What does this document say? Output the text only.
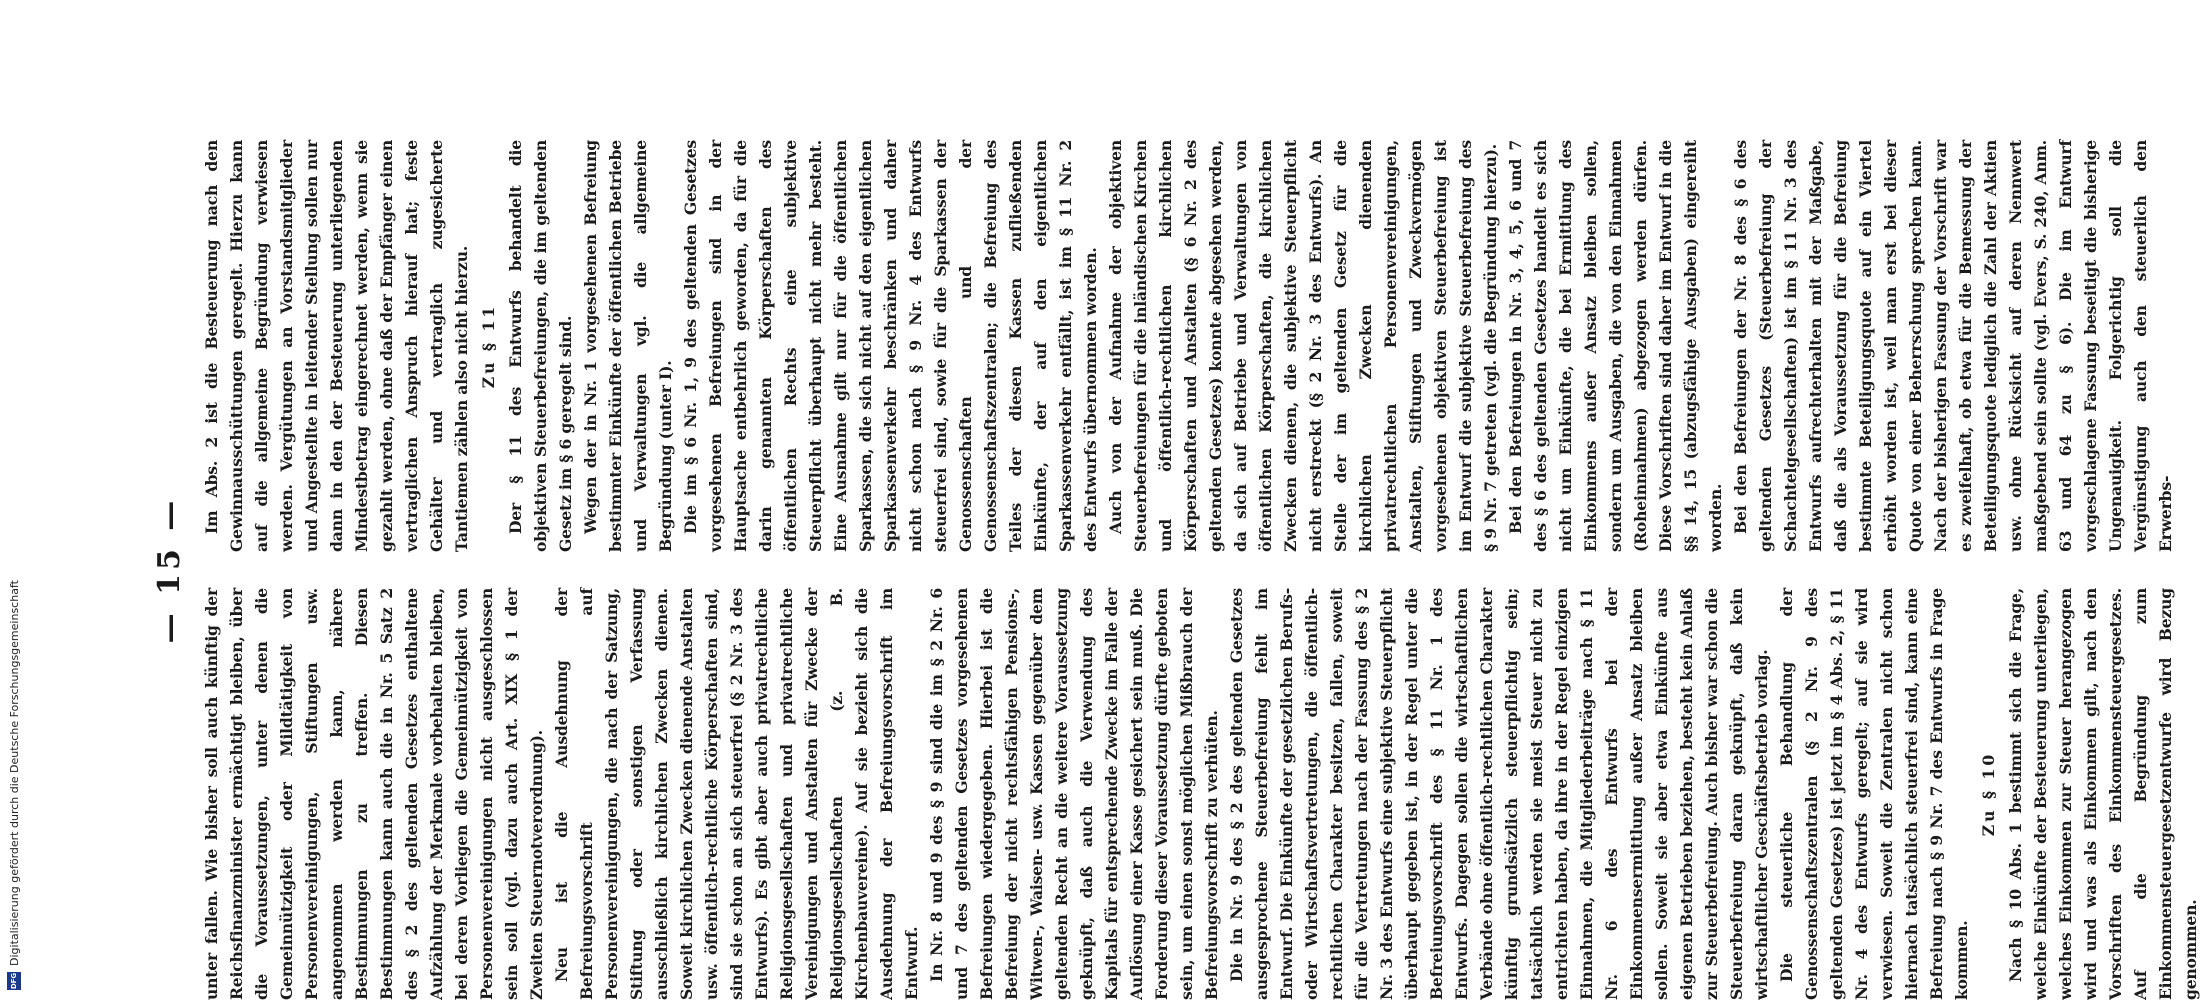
— 15 —

unter fallen. Wie bisher soll auch künftig der Reichsfinanzminister ermächtigt bleiben, über die Voraussetzungen, unter denen die Gemeinnützigkeit oder Mildtätigkeit von Personenvereinigungen, Stiftungen usw. angenommen werden kann, nähere Bestimmungen zu treffen. Diesen Bestimmungen kann auch die in Nr. 5 Satz 2 des § 2 des geltenden Gesetzes enthaltene Aufzählung der Merkmale vorbehalten bleiben, bei deren Vorliegen die Gemeinnützigkeit von Personenvereinigungen nicht ausgeschlossen sein soll (vgl. dazu auch Art. XIX § 1 der Zweiten Steuernotverordnung). Neu ist die Ausdehnung der Befreiungsvorschrift auf Personenvereinigungen, die nach der Satzung, Stiftung oder sonstigen Verfassung ausschließlich kirchlichen Zwecken dienen. Soweit kirchlichen Zwecken dienende Anstalten usw. öffentlich-rechtliche Körperschaften sind, sind sie schon an sich steuerfrei (§ 2 Nr. 3 des Entwurfs). Es gibt aber auch privatrechtliche Religionsgesellschaften und privatrechtliche Vereinigungen und Anstalten für Zwecke der Religionsgesellschaften (z. B. Kirchenbauvereine). Auf sie bezieht sich die Ausdehnung der Befreiungsvorschrift im Entwurf. In Nr. 8 und 9 des § 9 sind die im § 2 Nr. 6 und 7 des geltenden Gesetzes vorgesehenen Befreiungen wiedergegeben. Hierbei ist die Befreiung der nicht rechtsfähigen Pensions-, Witwen-, Waisen- usw. Kassen gegenüber dem geltenden Recht an die weitere Voraussetzung geknüpft, daß auch die Verwendung des Kapitals für entsprechende Zwecke im Falle der Auflösung einer Kasse gesichert sein muß. Die Forderung dieser Voraussetzung dürfte geboten sein, um einen sonst möglichen Mißbrauch der Befreiungsvorschrift zu verhüten. Die in Nr. 9 des § 2 des geltenden Gesetzes ausgesprochene Steuerbefreiung fehlt im Entwurf. Die Einkünfte der gesetzlichen Berufs- oder Wirtschaftsvertretungen, die öffentlich-rechtlichen Charakter besitzen, fallen, soweit für die Vertretungen nach der Fassung des § 2 Nr. 3 des Entwurfs eine subjektive Steuerpflicht überhaupt gegeben ist, in der Regel unter die Befreiungsvorschrift des § 11 Nr. 1 des Entwurfs. Dagegen sollen die wirtschaftlichen Verbände ohne öffentlich-rechtlichen Charakter künftig grundsätzlich steuerpflichtig sein; tatsächlich werden sie meist Steuer nicht zu entrichten haben, da ihre in der Regel einzigen Einnahmen, die Mitgliederbeiträge nach § 11 Nr. 6 des Entwurfs bei der Einkommensermittlung außer Ansatz bleiben sollen. Soweit sie aber etwa Einkünfte aus eigenen Betrieben beziehen, besteht kein Anlaß zur Steuerbefreiung. Auch bisher war schon die Steuerbefreiung daran geknüpft, daß kein wirtschaftlicher Geschäftsbetrieb vorlag. Die steuerliche Behandlung der Genossenschaftszentralen (§ 2 Nr. 9 des geltenden Gesetzes) ist jetzt im § 4 Abs. 2, § 11 Nr. 4 des Entwurfs geregelt; auf sie wird verwiesen. Soweit die Zentralen nicht schon hiernach tatsächlich steuerfrei sind, kann eine Befreiung nach § 9 Nr. 7 des Entwurfs in Frage kommen.

Zu § 10 Nach § 10 Abs. 1 bestimmt sich die Frage, welche Einkünfte der Besteuerung unterliegen, welches Einkommen zur Steuer herangezogen wird und was als Einkommen gilt, nach den Vorschriften des Einkommensteuergesetzes. Auf die Begründung zum Einkommensteuergesetzentwurfe wird Bezug genommen.

Im Abs. 2 ist die Besteuerung nach den Gewinnausschüttungen geregelt. Hierzu kann auf die allgemeine Begründung verwiesen werden. Vergütungen an Vorstandsmitglieder und Angestellte in leitender Stellung sollen nur dann in den der Besteuerung unterliegenden Mindestbetrag eingerechnet werden, wenn sie gezahlt werden, ohne daß der Empfänger einen vertraglichen Anspruch hierauf hat; feste Gehälter und vertraglich zugesicherte Tantiemen zählen also nicht hierzu. Zu § 11 Der § 11 des Entwurfs behandelt die objektiven Steuerbefreiungen, die im geltenden Gesetz im § 6 geregelt sind. Wegen der in Nr. 1 vorgesehenen Befreiung bestimmter Einkünfte der öffentlichen Betriebe und Verwaltungen vgl. die allgemeine Begründung (unter I). Die im § 6 Nr. 1, 9 des geltenden Gesetzes vorgesehenen Befreiungen sind in der Hauptsache entbehrlich geworden, da für die darin genannten Körperschaften des öffentlichen Rechts eine subjektive Steuerpflicht überhaupt nicht mehr besteht. Eine Ausnahme gilt nur für die öffentlichen Sparkassen, die sich nicht auf den eigentlichen Sparkassenverkehr beschränken und daher nicht schon nach § 9 Nr. 4 des Entwurfs steuerfrei sind, sowie für die Sparkassen der Genossenschaften und der Genossenschaftszentralen; die Befreiung des Teiles der diesen Kassen zufließenden Einkünfte, der auf den eigentlichen Sparkassenverkehr entfällt, ist im § 11 Nr. 2 des Entwurfs übernommen worden. Auch von der Aufnahme der objektiven Steuerbefreiungen für die inländischen Kirchen und öffentlich-rechtlichen kirchlichen Körperschaften und Anstalten (§ 6 Nr. 2 des geltenden Gesetzes) konnte abgesehen werden, da sich auf Betriebe und Verwaltungen von öffentlichen Körperschaften, die kirchlichen Zwecken dienen, die subjektive Steuerpflicht nicht erstreckt (§ 2 Nr. 3 des Entwurfs). An Stelle der im geltenden Gesetz für die kirchlichen Zwecken dienenden privatrechtlichen Personenvereinigungen, Anstalten, Stiftungen und Zweckvermögen vorgesehenen objektiven Steuerbefreiung ist im Entwurf die subjektive Steuerbefreiung des § 9 Nr. 7 getreten (vgl. die Begründung hierzu). Bei den Befreiungen in Nr. 3, 4, 5, 6 und 7 des § 6 des geltenden Gesetzes handelt es sich nicht um Einkünfte, die bei Ermittlung des Einkommens außer Ansatz bleiben sollen, sondern um Ausgaben, die von den Einnahmen (Roheinnahmen) abgezogen werden dürfen. Diese Vorschriften sind daher im Entwurf in die §§ 14, 15 (abzugsfähige Ausgaben) eingereiht worden. Bei den Befreiungen der Nr. 8 des § 6 des geltenden Gesetzes (Steuerbefreiung der Schachtelgesellschaften) ist im § 11 Nr. 3 des Entwurfs aufrechterhalten mit der Maßgabe, daß die als Voraussetzung für die Befreiung bestimmte Beteiligungsquote auf ein Viertel erhöht worden ist, weil man erst bei dieser Quote von einer Beherrschung sprechen kann. Nach der bisherigen Fassung der Vorschrift war es zweifelhaft, ob etwa für die Bemessung der Beteiligungsquote lediglich die Zahl der Aktien usw. ohne Rücksicht auf deren Nennwert maßgebend sein sollte (vgl. Evers, S. 240, Anm. 63 und 64 zu § 6). Die im Entwurf vorgeschlagene Fassung beseitigt die bisherige Ungenauigkeit. Folgerichtig soll die Vergünstigung auch den steuerlich den Erwerbs-

DFG
Digitalisierung gefördert durch die Deutsche Forschungsgemeinschaft
